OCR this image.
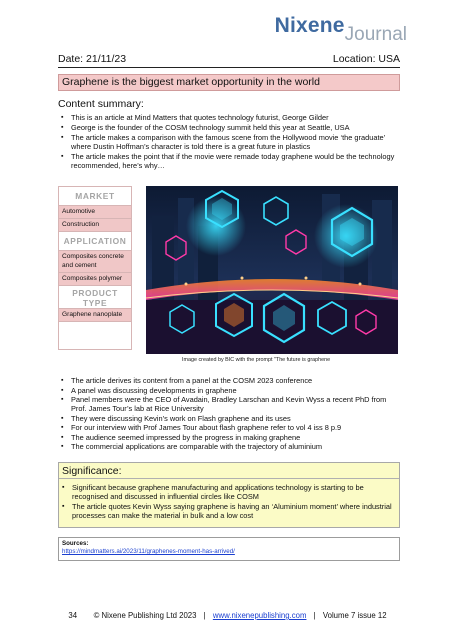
NixeneJournal
Date: 21/11/23	Location: USA
Graphene is the biggest market opportunity in the world
Content summary:
▪ This is an article at Mind Matters that quotes technology futurist, George Gilder
▪ George is the founder of the COSM technology summit held this year at Seattle, USA
▪ The article makes a comparison with the famous scene from the Hollywood movie ‘the graduate’ where Dustin Hoffman’s character is told there is a great future in plastics
▪ The article makes the point that if the movie were remade today graphene would be the technology recommended, here’s why…
MARKET
Automotive
Construction
APPLICATION
Composites concrete and cement
Composites polymer
PRODUCT TYPE
Graphene nanoplate
Image created by BIC with the prompt "The future is graphene
▪ The article derives its content from a panel at the COSM 2023 conference
▪ A panel was discussing developments in graphene
▪ Panel members were the CEO of Avadain, Bradley Larschan and Kevin Wyss a recent PhD from Prof. James Tour’s lab at Rice University
▪ They were discussing Kevin’s work on Flash graphene and its uses
▪ For our interview with Prof James Tour about flash graphene refer to vol 4 iss 8 p.9
▪ The audience seemed impressed by the progress in making graphene
▪ The commercial applications are comparable with the trajectory of aluminium
Significance:
▪ Significant because graphene manufacturing and applications technology is starting to be recognised and discussed in influential circles like COSM
▪ The article quotes Kevin Wyss saying graphene is having an ‘Aluminium moment’ where industrial processes can make the material in bulk and a low cost
Sources:
https://mindmatters.ai/2023/11/graphenes-moment-has-arrived/
34 © Nixene Publishing Ltd 2023 | www.nixenepublishing.com | Volume 7 issue 12
